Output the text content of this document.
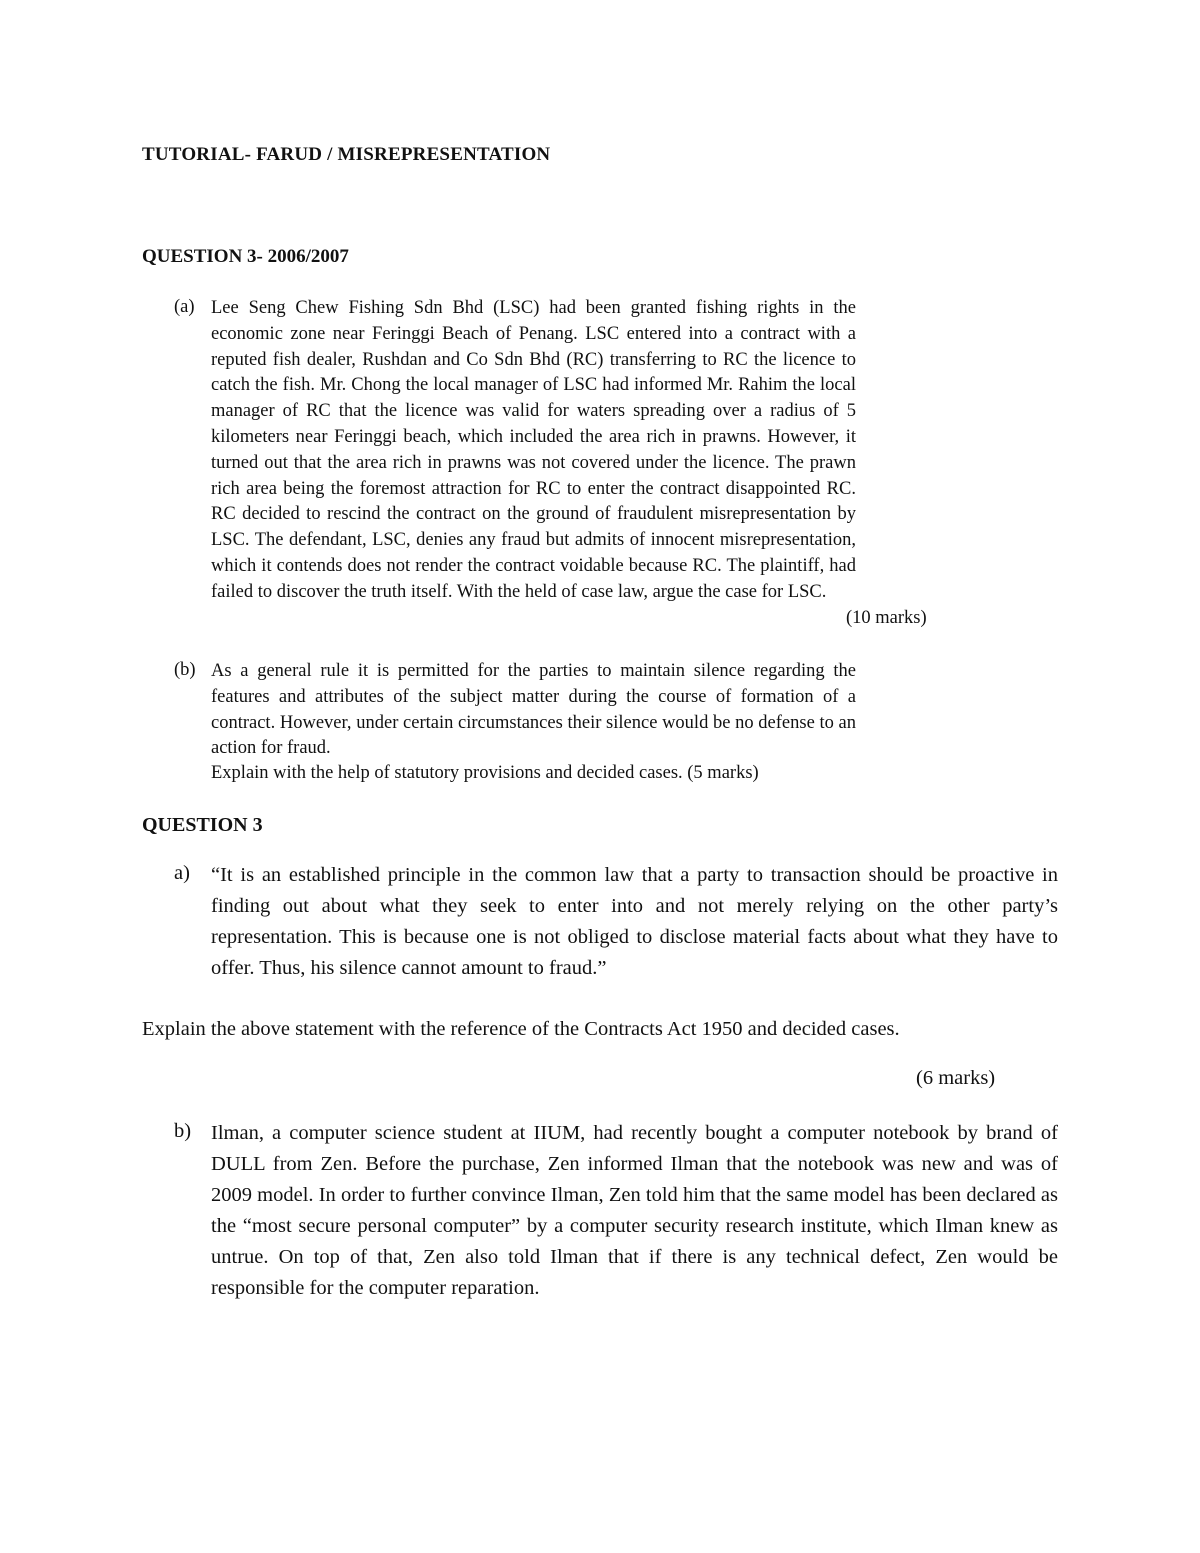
TUTORIAL- FARUD / MISREPRESENTATION
QUESTION 3- 2006/2007
(a) Lee Seng Chew Fishing Sdn Bhd (LSC) had been granted fishing rights in the economic zone near Feringgi Beach of Penang. LSC entered into a contract with a reputed fish dealer, Rushdan and Co Sdn Bhd (RC) transferring to RC the licence to catch the fish. Mr. Chong the local manager of LSC had informed Mr. Rahim the local manager of RC that the licence was valid for waters spreading over a radius of 5 kilometers near Feringgi beach, which included the area rich in prawns. However, it turned out that the area rich in prawns was not covered under the licence. The prawn rich area being the foremost attraction for RC to enter the contract disappointed RC. RC decided to rescind the contract on the ground of fraudulent misrepresentation by LSC. The defendant, LSC, denies any fraud but admits of innocent misrepresentation, which it contends does not render the contract voidable because RC. The plaintiff, had failed to discover the truth itself. With the held of case law, argue the case for LSC.
(10 marks)
(b) As a general rule it is permitted for the parties to maintain silence regarding the features and attributes of the subject matter during the course of formation of a contract. However, under certain circumstances their silence would be no defense to an action for fraud.
Explain with the help of statutory provisions and decided cases. (5 marks)
QUESTION 3
a) “It is an established principle in the common law that a party to transaction should be proactive in finding out about what they seek to enter into and not merely relying on the other party’s representation. This is because one is not obliged to disclose material facts about what they have to offer. Thus, his silence cannot amount to fraud.”
Explain the above statement with the reference of the Contracts Act 1950 and decided cases.
(6 marks)
b) Ilman, a computer science student at IIUM, had recently bought a computer notebook by brand of DULL from Zen. Before the purchase, Zen informed Ilman that the notebook was new and was of 2009 model. In order to further convince Ilman, Zen told him that the same model has been declared as the “most secure personal computer” by a computer security research institute, which Ilman knew as untrue. On top of that, Zen also told Ilman that if there is any technical defect, Zen would be responsible for the computer reparation.
